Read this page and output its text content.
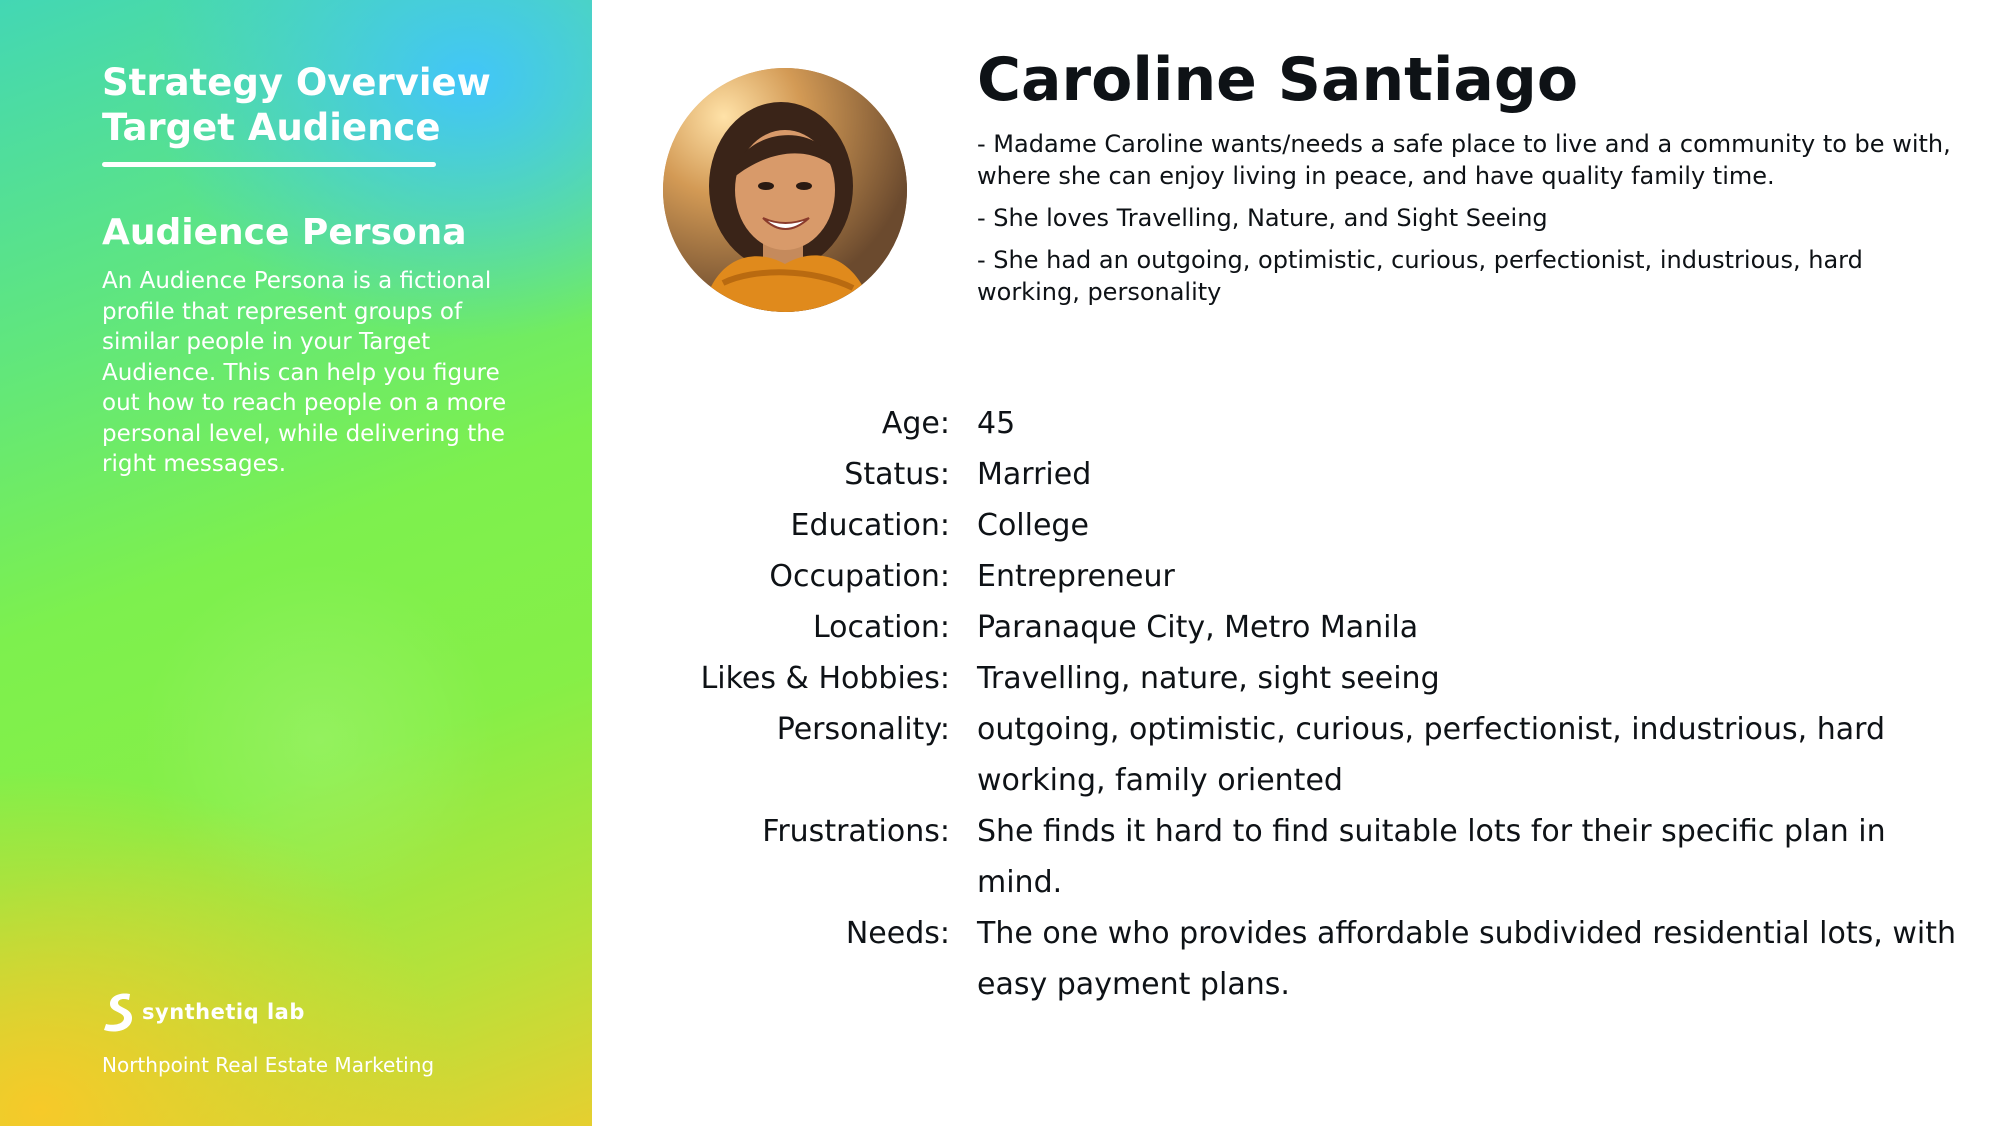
Strategy Overview
Target Audience
Audience Persona

An Audience Persona is a fictional profile that represent groups of similar people in your Target Audience. This can help you figure out how to reach people on a more personal level, while delivering the right messages.

synthetiq lab

Northpoint Real Estate Marketing

Caroline Santiago

- Madame Caroline wants/needs a safe place to live and a community to be with, where she can enjoy living in peace, and have quality family time.

- She loves Travelling, Nature, and Sight Seeing

- She had an outgoing, optimistic, curious, perfectionist, industrious, hard working, personality

Age: 45
Status: Married
Education: College
Occupation: Entrepreneur
Location: Paranaque City, Metro Manila
Likes & Hobbies: Travelling, nature, sight seeing
Personality: outgoing, optimistic, curious, perfectionist, industrious, hard working, family oriented
Frustrations: She finds it hard to find suitable lots for their specific plan in mind.
Needs: The one who provides affordable subdivided residential lots, with easy payment plans.
